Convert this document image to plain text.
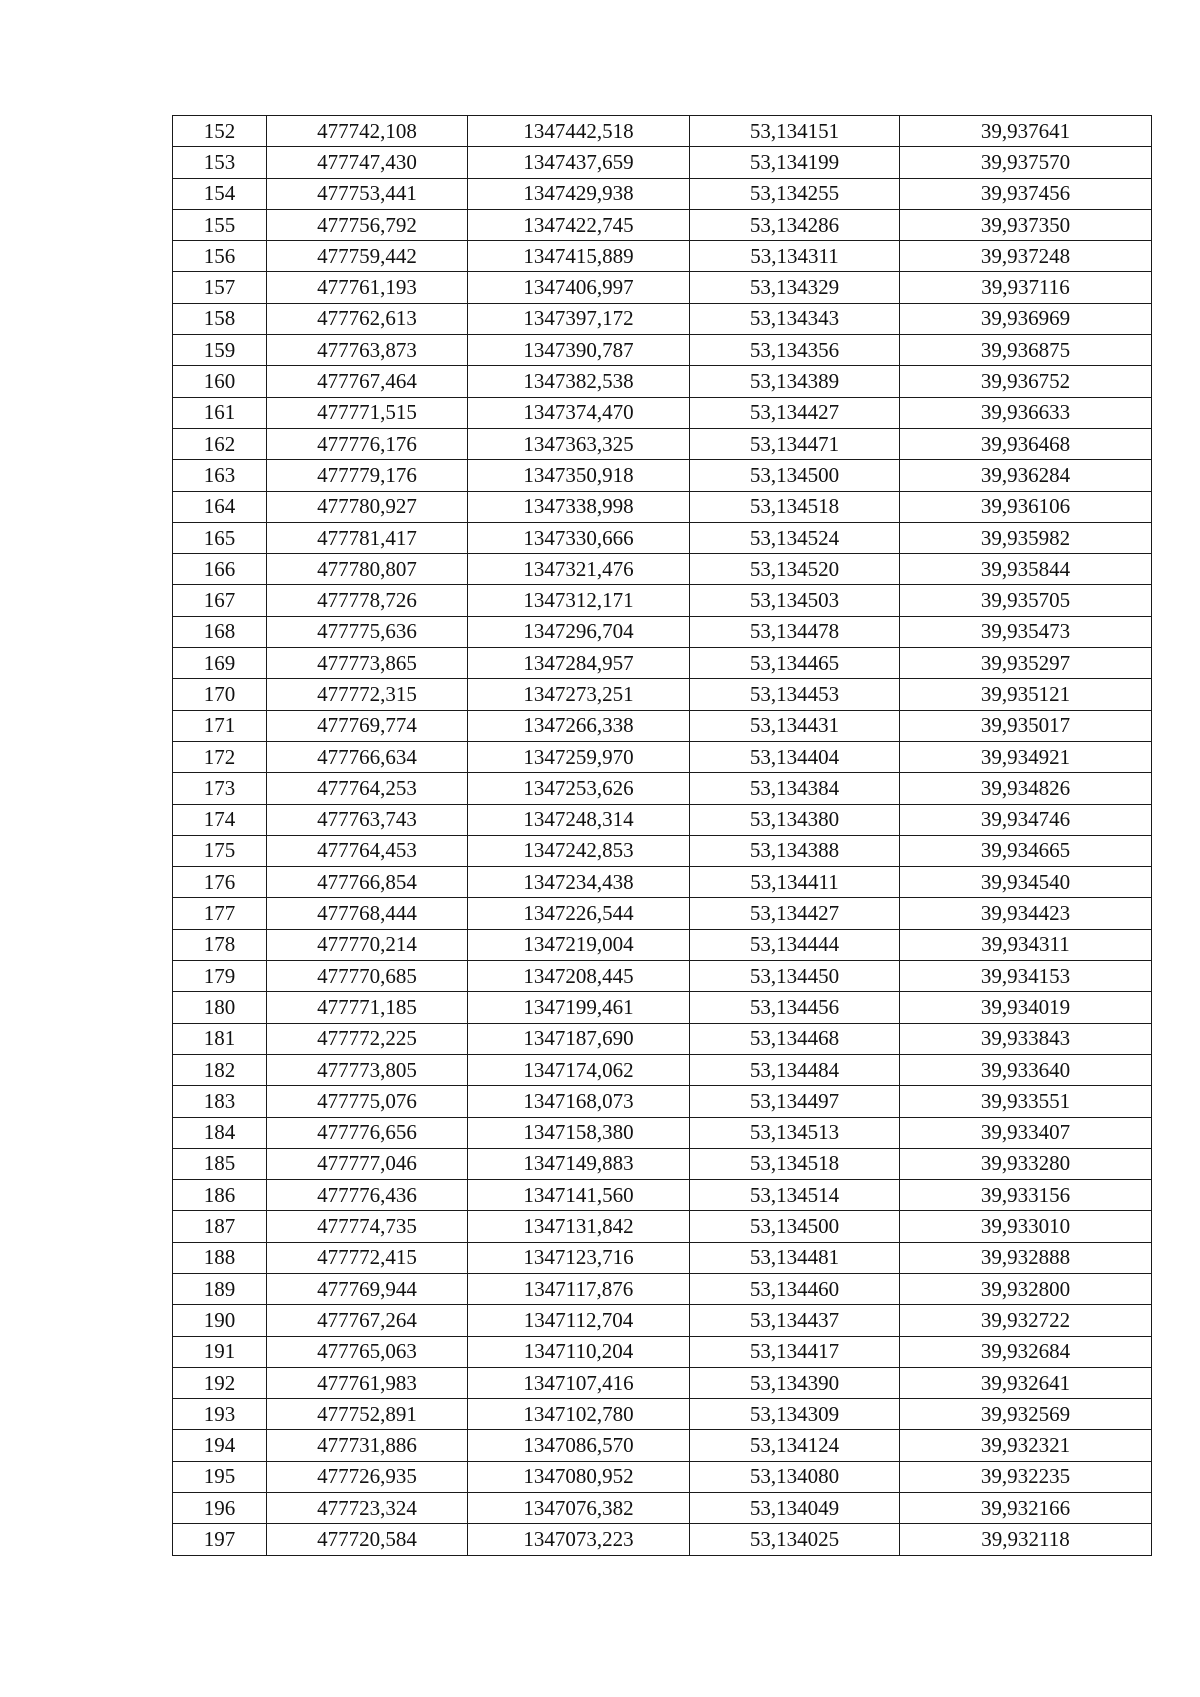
152	477742,108	1347442,518	53,134151	39,937641
153	477747,430	1347437,659	53,134199	39,937570
154	477753,441	1347429,938	53,134255	39,937456
155	477756,792	1347422,745	53,134286	39,937350
156	477759,442	1347415,889	53,134311	39,937248
157	477761,193	1347406,997	53,134329	39,937116
158	477762,613	1347397,172	53,134343	39,936969
159	477763,873	1347390,787	53,134356	39,936875
160	477767,464	1347382,538	53,134389	39,936752
161	477771,515	1347374,470	53,134427	39,936633
162	477776,176	1347363,325	53,134471	39,936468
163	477779,176	1347350,918	53,134500	39,936284
164	477780,927	1347338,998	53,134518	39,936106
165	477781,417	1347330,666	53,134524	39,935982
166	477780,807	1347321,476	53,134520	39,935844
167	477778,726	1347312,171	53,134503	39,935705
168	477775,636	1347296,704	53,134478	39,935473
169	477773,865	1347284,957	53,134465	39,935297
170	477772,315	1347273,251	53,134453	39,935121
171	477769,774	1347266,338	53,134431	39,935017
172	477766,634	1347259,970	53,134404	39,934921
173	477764,253	1347253,626	53,134384	39,934826
174	477763,743	1347248,314	53,134380	39,934746
175	477764,453	1347242,853	53,134388	39,934665
176	477766,854	1347234,438	53,134411	39,934540
177	477768,444	1347226,544	53,134427	39,934423
178	477770,214	1347219,004	53,134444	39,934311
179	477770,685	1347208,445	53,134450	39,934153
180	477771,185	1347199,461	53,134456	39,934019
181	477772,225	1347187,690	53,134468	39,933843
182	477773,805	1347174,062	53,134484	39,933640
183	477775,076	1347168,073	53,134497	39,933551
184	477776,656	1347158,380	53,134513	39,933407
185	477777,046	1347149,883	53,134518	39,933280
186	477776,436	1347141,560	53,134514	39,933156
187	477774,735	1347131,842	53,134500	39,933010
188	477772,415	1347123,716	53,134481	39,932888
189	477769,944	1347117,876	53,134460	39,932800
190	477767,264	1347112,704	53,134437	39,932722
191	477765,063	1347110,204	53,134417	39,932684
192	477761,983	1347107,416	53,134390	39,932641
193	477752,891	1347102,780	53,134309	39,932569
194	477731,886	1347086,570	53,134124	39,932321
195	477726,935	1347080,952	53,134080	39,932235
196	477723,324	1347076,382	53,134049	39,932166
197	477720,584	1347073,223	53,134025	39,932118
